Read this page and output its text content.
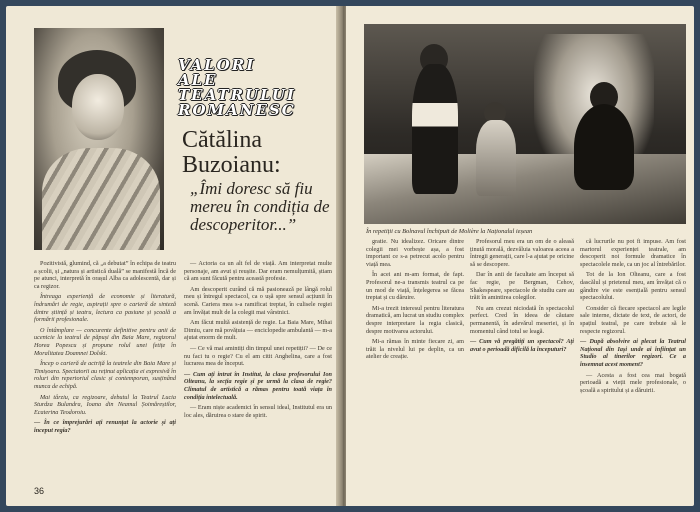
VALORI
ALE
TEATRULUI
ROMANESC
Cătălina Buzoianu:
„Îmi doresc să fiu mereu în condiția de descoperitor...”

Pozitivistă, glumind, că „a debutat” în echipa de teatru a școlii, și „natura și artistică duală” se manifestă încă de pe atunci, interpretă în orașul Alba ca adolescentă, dar și ca regizor.

Întreaga experiență de economie și literatură, îndrumări de regie, aspirații spre o carieră de sinteză dintre știință și teatru, lectura ca pasiune și școală a formării profesionale.

O întâmplare — concurente definitive pentru anii de ucenicie la teatrul de păpuși din Baia Mare, regizorul Horea Popescu și propune rolul unei fetițe în Moralitatea Doamnei Dolski.

Încep o carieră de actriță la teatrele din Baia Mare și Timișoara. Spectatorii au reținut aplicația ei expresivă în roluri din repertoriul clasic și contemporan, susținând munca de echipă.

Mai târziu, ca regizoare, debutul la Teatrul Lucia Sturdza Bulandra, Ioana din Neamul Șoimăreștilor, Ecaterina Teodoroiu.

— În ce împrejurări ați renunțat la actorie și ați început regia?

— Actoria ca un alt fel de viață. Am interpretat multe personaje, am avut și reușite. Dar eram nemulțumită, știam că am sunt făcută pentru această profesie.

Am descoperit curând că mă pasionează pe lângă rolul meu și întregul spectacol, ca o ușă spre sensul acțiunii în scenă. Cariera mea s-a ramificat treptat, în culisele regiei am învățat mult de la colegii mai vârstnici.

Am făcut multă asistență de regie. La Baia Mare, Mihai Dimiu, care mă povățuia — enciclopedie ambulantă — m-a ajutat enorm de mult.

— Ce vă mai amintiți din timpul unei repetiții? — De ce nu faci tu o regie? Cu el am citit Anghelina, care a fost lucrarea mea de început.

— Cum ați intrat în Institut, la clasa profesorului Ion Olteanu, la secția regie și pe urmă la clasa de regie? Climatul de artistică a rămas pentru toată viața în condiția intelectuală.

— Eram niște academici în sensul ideal, Institutul era un loc ales, dăruirea o stare de spirit.

36
În repetiții cu Bolnavul închipuit de Molière la Naționalul ieșean

gratie. Nu idealizez. Oricare dintre colegii mei vorbește așa, a fost important ce s-a petrecut acolo pentru viață mea.

În acei ani m-am format, de fapt. Profesorul ne-a transmis teatrul ca pe un mod de viață, înțelegerea se făcea treptat și cu dăruire.

Mi-a trezit interesul pentru literatura dramatică, am lucrat un studiu complex despre interpretare la regia clasică, despre motivarea actorului.

Mi-a rămas în minte fiecare zi, am trăit la nivelul lui pe deplin, ca un atelier de creație.

Profesorul meu era un om de o aleasă ținută morală, dezvăluia valoarea aceea a întregii generații, care l-a ajutat pe oricine să se descopere.

Dar în anii de facultate am început să fac regie, pe Bergman, Cehov, Shakespeare, spectacole de studiu care au trăit în amintirea colegilor.

Nu am crezut niciodată în spectacolul perfect. Cred în ideea de căutare permanentă, în adevărul meseriei, și în momentul când totul se leagă.

— Cum vă pregătiți un spectacol? Ați avut o perioadă dificilă la începuturi?

că lucrurile nu pot fi impuse. Am fost martorul experienței teatrale, am descoperit noi formule dramatice în spectacolele mele, ca un joc al întrebărilor.

Tot de la Ion Olteanu, care a fost dascălul și prietenul meu, am învățat că o gândire vie este esențială pentru sensul spectacolului.

Consider că fiecare spectacol are legile sale interne, dictate de text, de actori, de spațiul teatral, pe care trebuie să le respecte regizorul.

— După absolvire ai plecat la Teatrul Național din Iași unde ai înființat un Studio al tinerilor regizori. Ce a însemnat acest moment?

— Acesta a fost cea mai bogată perioadă a vieții mele profesionale, o școală a spiritului și a dăruirii.
